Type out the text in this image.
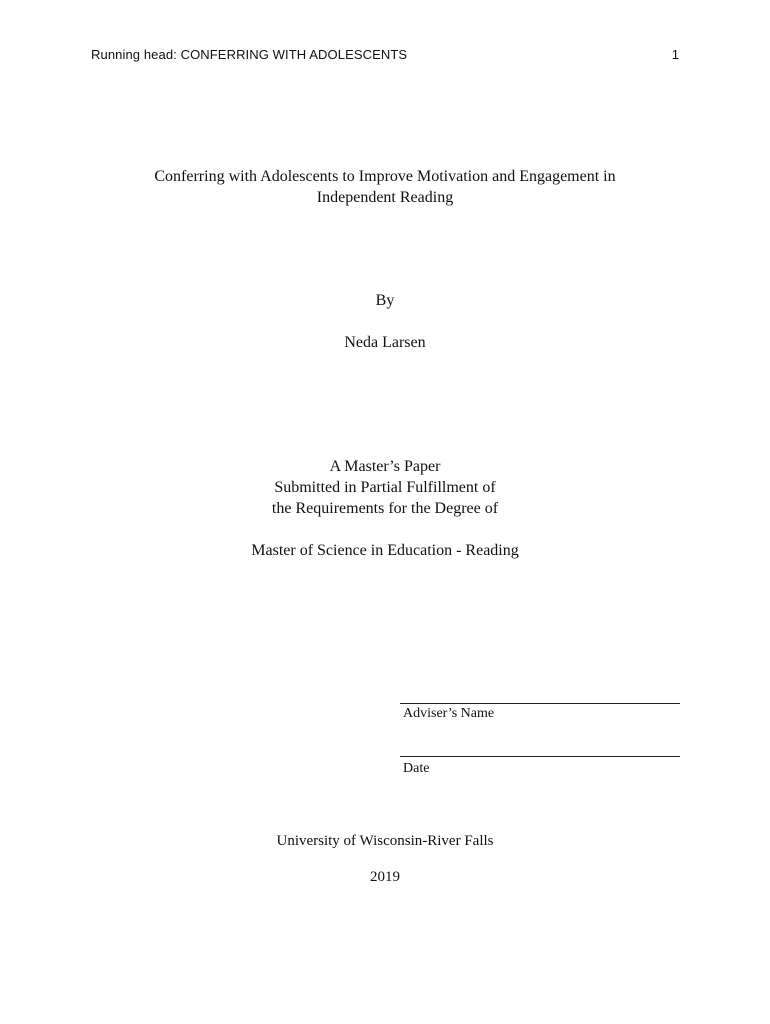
Running head: CONFERRING WITH ADOLESCENTS	1
Conferring with Adolescents to Improve Motivation and Engagement in
Independent Reading
By
Neda Larsen
A Master’s Paper
Submitted in Partial Fulfillment of
the Requirements for the Degree of
Master of Science in Education - Reading
Adviser’s Name
Date
University of Wisconsin-River Falls
2019
